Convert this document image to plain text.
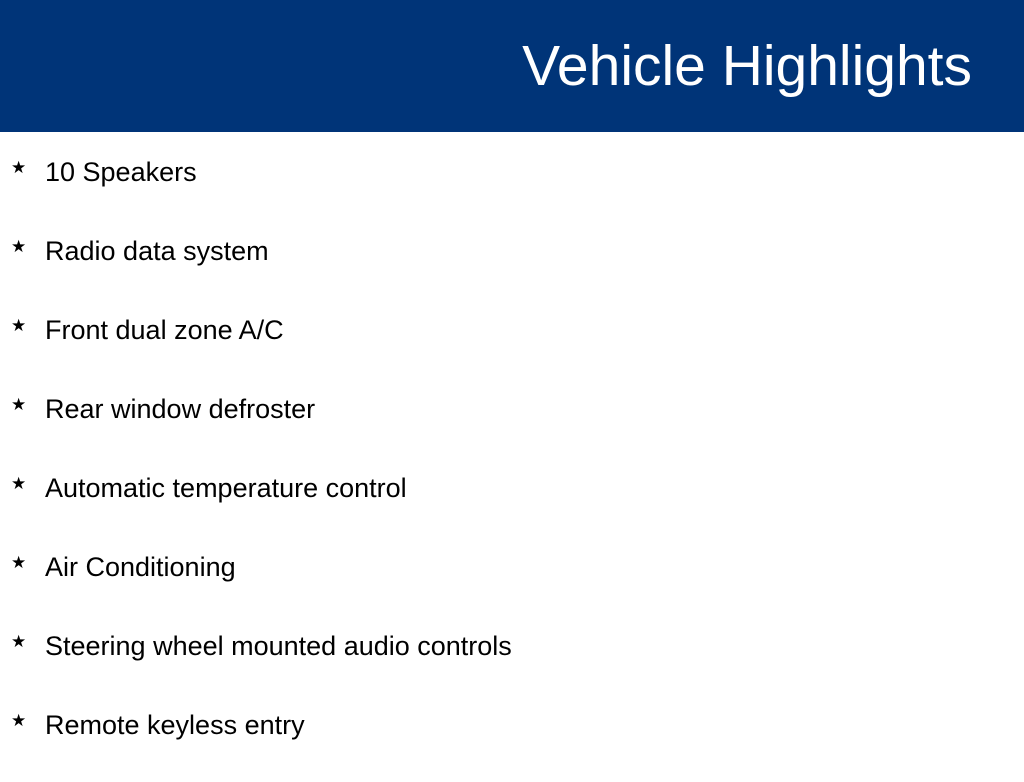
Vehicle Highlights
★ 10 Speakers
★ Radio data system
★ Front dual zone A/C
★ Rear window defroster
★ Automatic temperature control
★ Air Conditioning
★ Steering wheel mounted audio controls
★ Remote keyless entry
